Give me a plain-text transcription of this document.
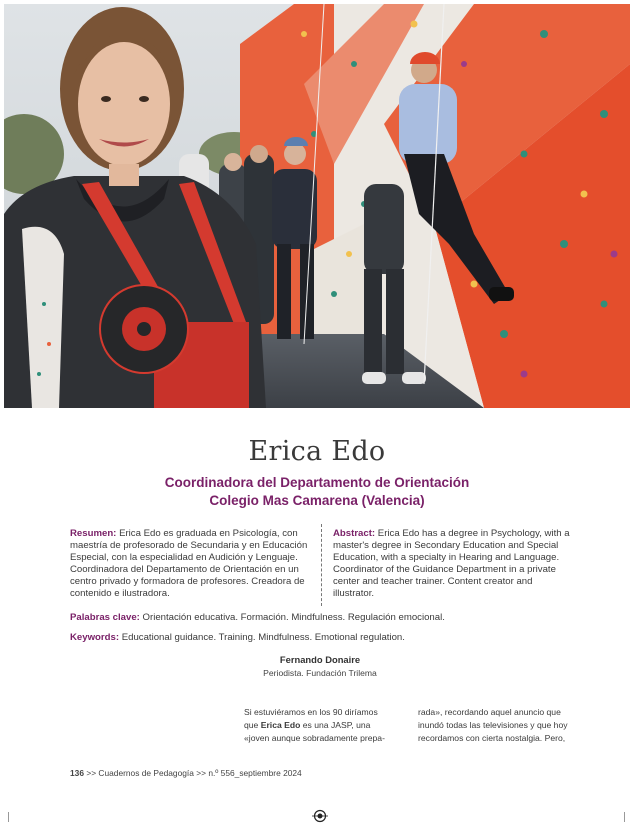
Erica Edo
Coordinadora del Departamento de Orientación
Colegio Mas Camarena (Valencia)
Resumen: Erica Edo es graduada en Psicología, con maestría de profesorado de Secundaria y en Educación Especial, con la especialidad en Audición y Lenguaje. Coordinadora del Departamento de Orientación en un centro privado y formadora de profesores. Creadora de contenido e ilustradora.
Abstract: Erica Edo has a degree in Psychology, with a master's degree in Secondary Education and Special Education, with a specialty in Hearing and Language. Coordinator of the Guidance Department in a private center and teacher trainer. Content creator and illustrator.
Palabras clave: Orientación educativa. Formación. Mindfulness. Regulación emocional.
Keywords: Educational guidance. Training. Mindfulness. Emotional regulation.
Fernando Donaire
Periodista. Fundación Trilema
Si estuviéramos en los 90 diríamos que Erica Edo es una JASP, una «joven aunque sobradamente prepa-
rada», recordando aquel anuncio que inundó todas las televisiones y que hoy recordamos con cierta nostalgia. Pero,
136 >> Cuadernos de Pedagogía >> n.º 556_septiembre 2024
